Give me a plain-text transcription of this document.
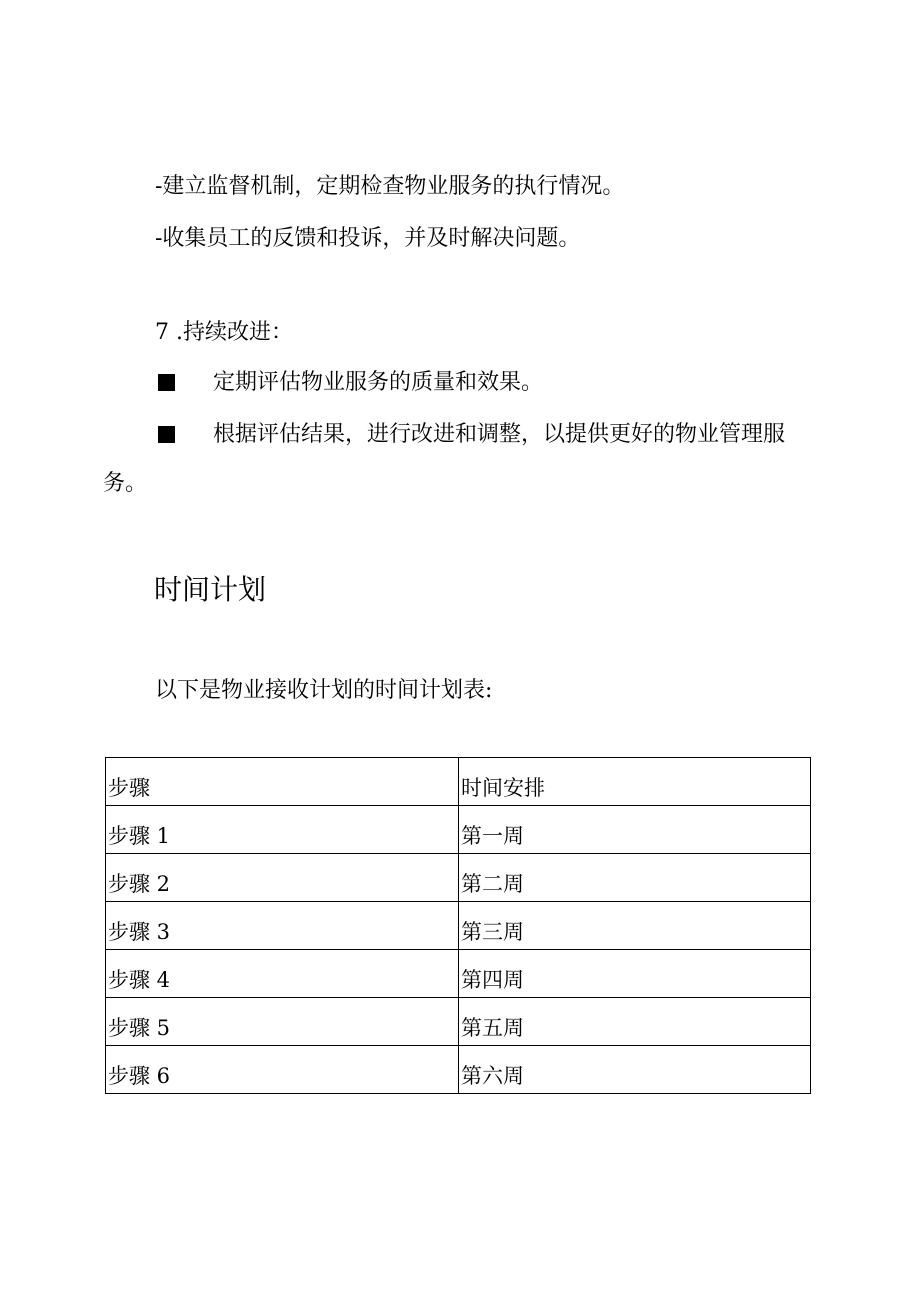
-建立监督机制，定期检查物业服务的执行情况。
-收集员工的反馈和投诉，并及时解决问题。
7 .持续改进：
定期评估物业服务的质量和效果。
根据评估结果，进行改进和调整，以提供更好的物业管理服
务。
时间计划
以下是物业接收计划的时间计划表:
步骤	时间安排
步骤 1	第一周
步骤 2	第二周
步骤 3	第三周
步骤 4	第四周
步骤 5	第五周
步骤 6	第六周
